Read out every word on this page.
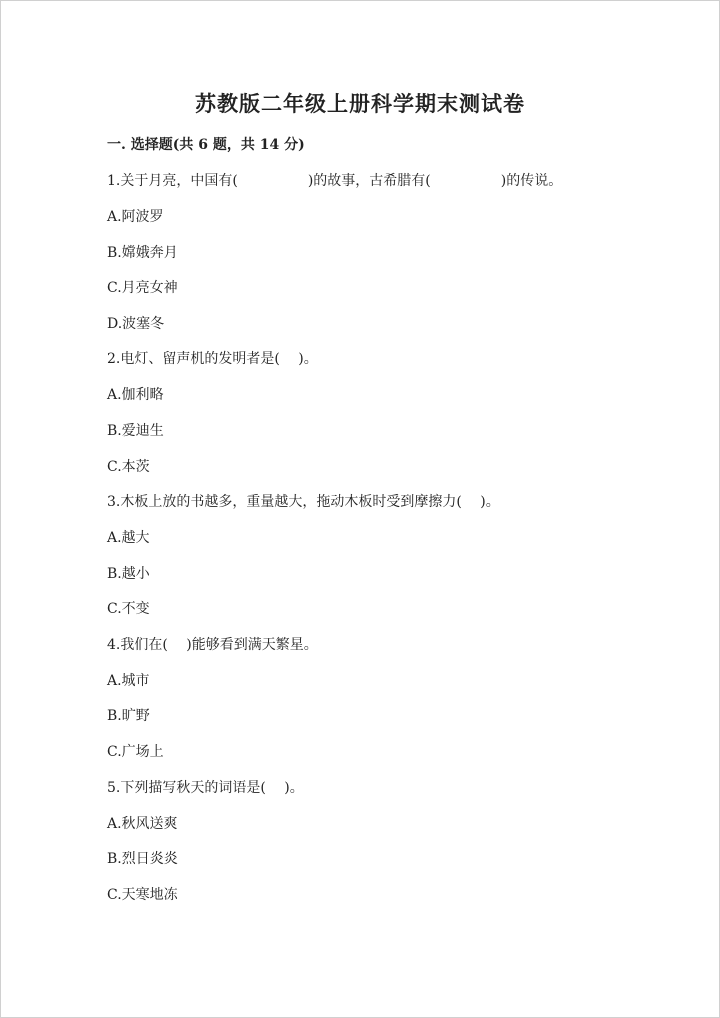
苏教版二年级上册科学期末测试卷
一. 选择题(共 6 题，共 14 分)
1.关于月亮，中国有(　　　　　)的故事，古希腊有(　　　　　)的传说。
A.阿波罗
B.嫦娥奔月
C.月亮女神
D.波塞冬
2.电灯、留声机的发明者是(　 )。
A.伽利略
B.爱迪生
C.本茨
3.木板上放的书越多，重量越大，拖动木板时受到摩擦力(　 )。
A.越大
B.越小
C.不变
4.我们在(　 )能够看到满天繁星。
A.城市
B.旷野
C.广场上
5.下列描写秋天的词语是(　 )。
A.秋风送爽
B.烈日炎炎
C.天寒地冻
